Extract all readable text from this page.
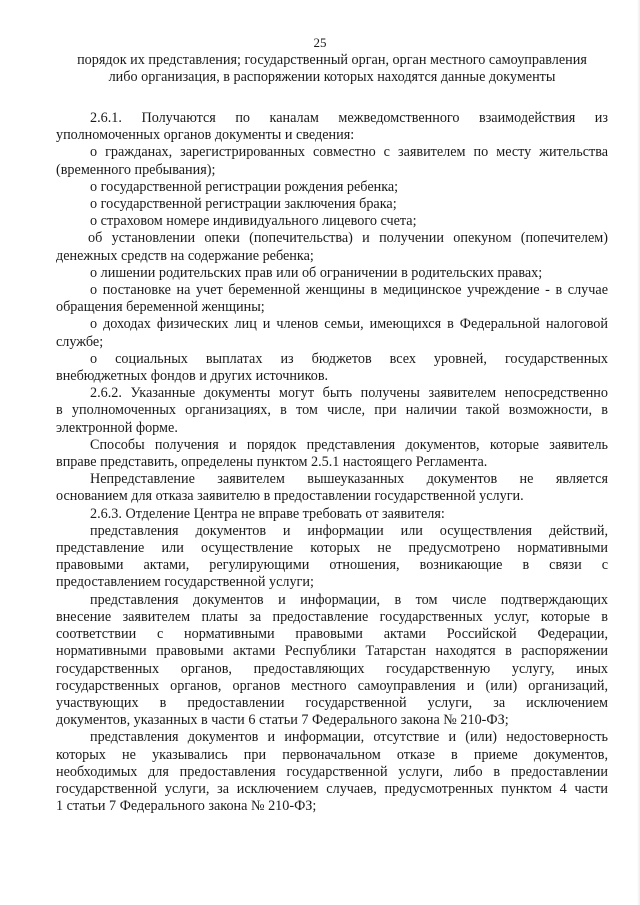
25
порядок их представления; государственный орган, орган местного самоуправления
либо организация, в распоряжении которых находятся данные документы
2.6.1. Получаются по каналам межведомственного взаимодействия из
уполномоченных органов документы и сведения:
о гражданах, зарегистрированных совместно с заявителем по месту жительства
(временного пребывания);
о государственной регистрации рождения ребенка;
о государственной регистрации заключения брака;
о страховом номере индивидуального лицевого счета;
об установлении опеки (попечительства) и получении опекуном (попечителем)
денежных средств на содержание ребенка;
о лишении родительских прав или об ограничении в родительских правах;
о постановке на учет беременной женщины в медицинское учреждение - в случае
обращения беременной женщины;
о доходах физических лиц и членов семьи, имеющихся в Федеральной налоговой
службе;
о социальных выплатах из бюджетов всех уровней, государственных
внебюджетных фондов и других источников.
2.6.2. Указанные документы могут быть получены заявителем непосредственно
в уполномоченных организациях, в том числе, при наличии такой возможности, в
электронной форме.
Способы получения и порядок представления документов, которые заявитель
вправе представить, определены пунктом 2.5.1 настоящего Регламента.
Непредставление заявителем вышеуказанных документов не является
основанием для отказа заявителю в предоставлении государственной услуги.
2.6.3. Отделение Центра не вправе требовать от заявителя:
представления документов и информации или осуществления действий,
представление или осуществление которых не предусмотрено нормативными
правовыми актами, регулирующими отношения, возникающие в связи с
предоставлением государственной услуги;
представления документов и информации, в том числе подтверждающих
внесение заявителем платы за предоставление государственных услуг, которые в
соответствии с нормативными правовыми актами Российской Федерации,
нормативными правовыми актами Республики Татарстан находятся в распоряжении
государственных органов, предоставляющих государственную услугу, иных
государственных органов, органов местного самоуправления и (или) организаций,
участвующих в предоставлении государственной услуги, за исключением
документов, указанных в части 6 статьи 7 Федерального закона № 210-ФЗ;
представления документов и информации, отсутствие и (или) недостоверность
которых не указывались при первоначальном отказе в приеме документов,
необходимых для предоставления государственной услуги, либо в предоставлении
государственной услуги, за исключением случаев, предусмотренных пунктом 4 части
1 статьи 7 Федерального закона № 210-ФЗ;
